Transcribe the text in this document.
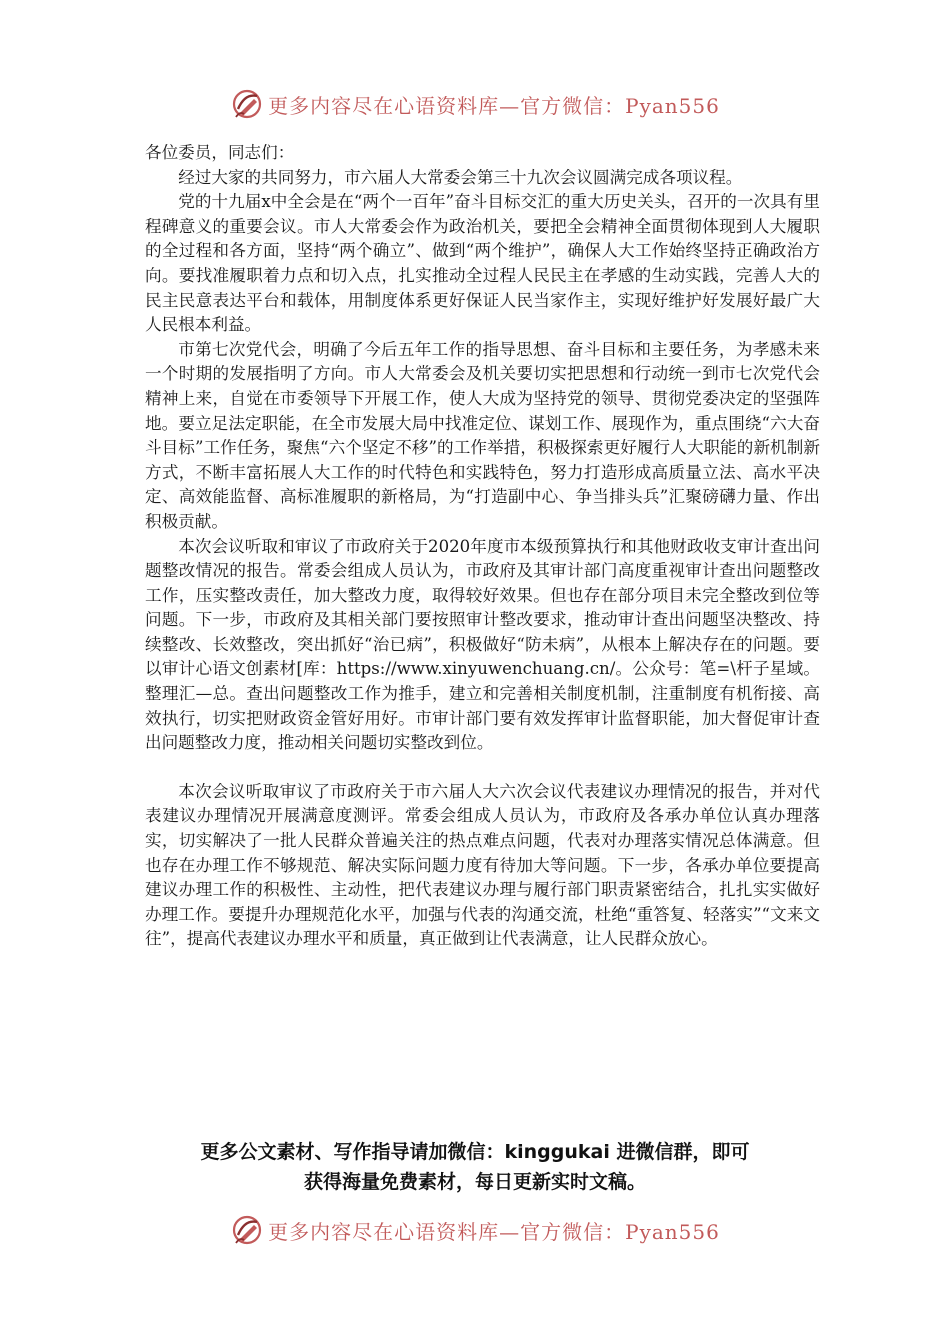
更多内容尽在心语资料库—官方微信：Pyan556

各位委员，同志们：

经过大家的共同努力，市六届人大常委会第三十九次会议圆满完成各项议程。

党的十九届x中全会是在“两个一百年”奋斗目标交汇的重大历史关头，召开的一次具有里程碑意义的重要会议。市人大常委会作为政治机关，要把全会精神全面贯彻体现到人大履职的全过程和各方面，坚持“两个确立”、做到“两个维护”，确保人大工作始终坚持正确政治方向。要找准履职着力点和切入点，扎实推动全过程人民民主在孝感的生动实践，完善人大的民主民意表达平台和载体，用制度体系更好保证人民当家作主，实现好维护好发展好最广大人民根本利益。

市第七次党代会，明确了今后五年工作的指导思想、奋斗目标和主要任务，为孝感未来一个时期的发展指明了方向。市人大常委会及机关要切实把思想和行动统一到市七次党代会精神上来，自觉在市委领导下开展工作，使人大成为坚持党的领导、贯彻党委决定的坚强阵地。要立足法定职能，在全市发展大局中找准定位、谋划工作、展现作为，重点围绕“六大奋斗目标”工作任务，聚焦“六个坚定不移”的工作举措，积极探索更好履行人大职能的新机制新方式，不断丰富拓展人大工作的时代特色和实践特色，努力打造形成高质量立法、高水平决定、高效能监督、高标准履职的新格局，为“打造副中心、争当排头兵”汇聚磅礴力量、作出积极贡献。

本次会议听取和审议了市政府关于2020年度市本级预算执行和其他财政收支审计查出问题整改情况的报告。常委会组成人员认为，市政府及其审计部门高度重视审计查出问题整改工作，压实整改责任，加大整改力度，取得较好效果。但也存在部分项目未完全整改到位等问题。下一步，市政府及其相关部门要按照审计整改要求，推动审计查出问题坚决整改、持续整改、长效整改，突出抓好“治已病”，积极做好“防未病”，从根本上解决存在的问题。要以审计心语文创素材[库：https://www.xinyuwenchuang.cn/。公众号：笔=\杆子星域。整理汇—总。查出问题整改工作为推手，建立和完善相关制度机制，注重制度有机衔接、高效执行，切实把财政资金管好用好。市审计部门要有效发挥审计监督职能，加大督促审计查出问题整改力度，推动相关问题切实整改到位。

本次会议听取审议了市政府关于市六届人大六次会议代表建议办理情况的报告，并对代表建议办理情况开展满意度测评。常委会组成人员认为，市政府及各承办单位认真办理落实，切实解决了一批人民群众普遍关注的热点难点问题，代表对办理落实情况总体满意。但也存在办理工作不够规范、解决实际问题力度有待加大等问题。下一步，各承办单位要提高建议办理工作的积极性、主动性，把代表建议办理与履行部门职责紧密结合，扎扎实实做好办理工作。要提升办理规范化水平，加强与代表的沟通交流，杜绝“重答复、轻落实”“文来文往”，提高代表建议办理水平和质量，真正做到让代表满意，让人民群众放心。

更多公文素材、写作指导请加微信：kinggukai 进微信群，即可
获得海量免费素材，每日更新实时文稿。
更多内容尽在心语资料库—官方微信：Pyan556
